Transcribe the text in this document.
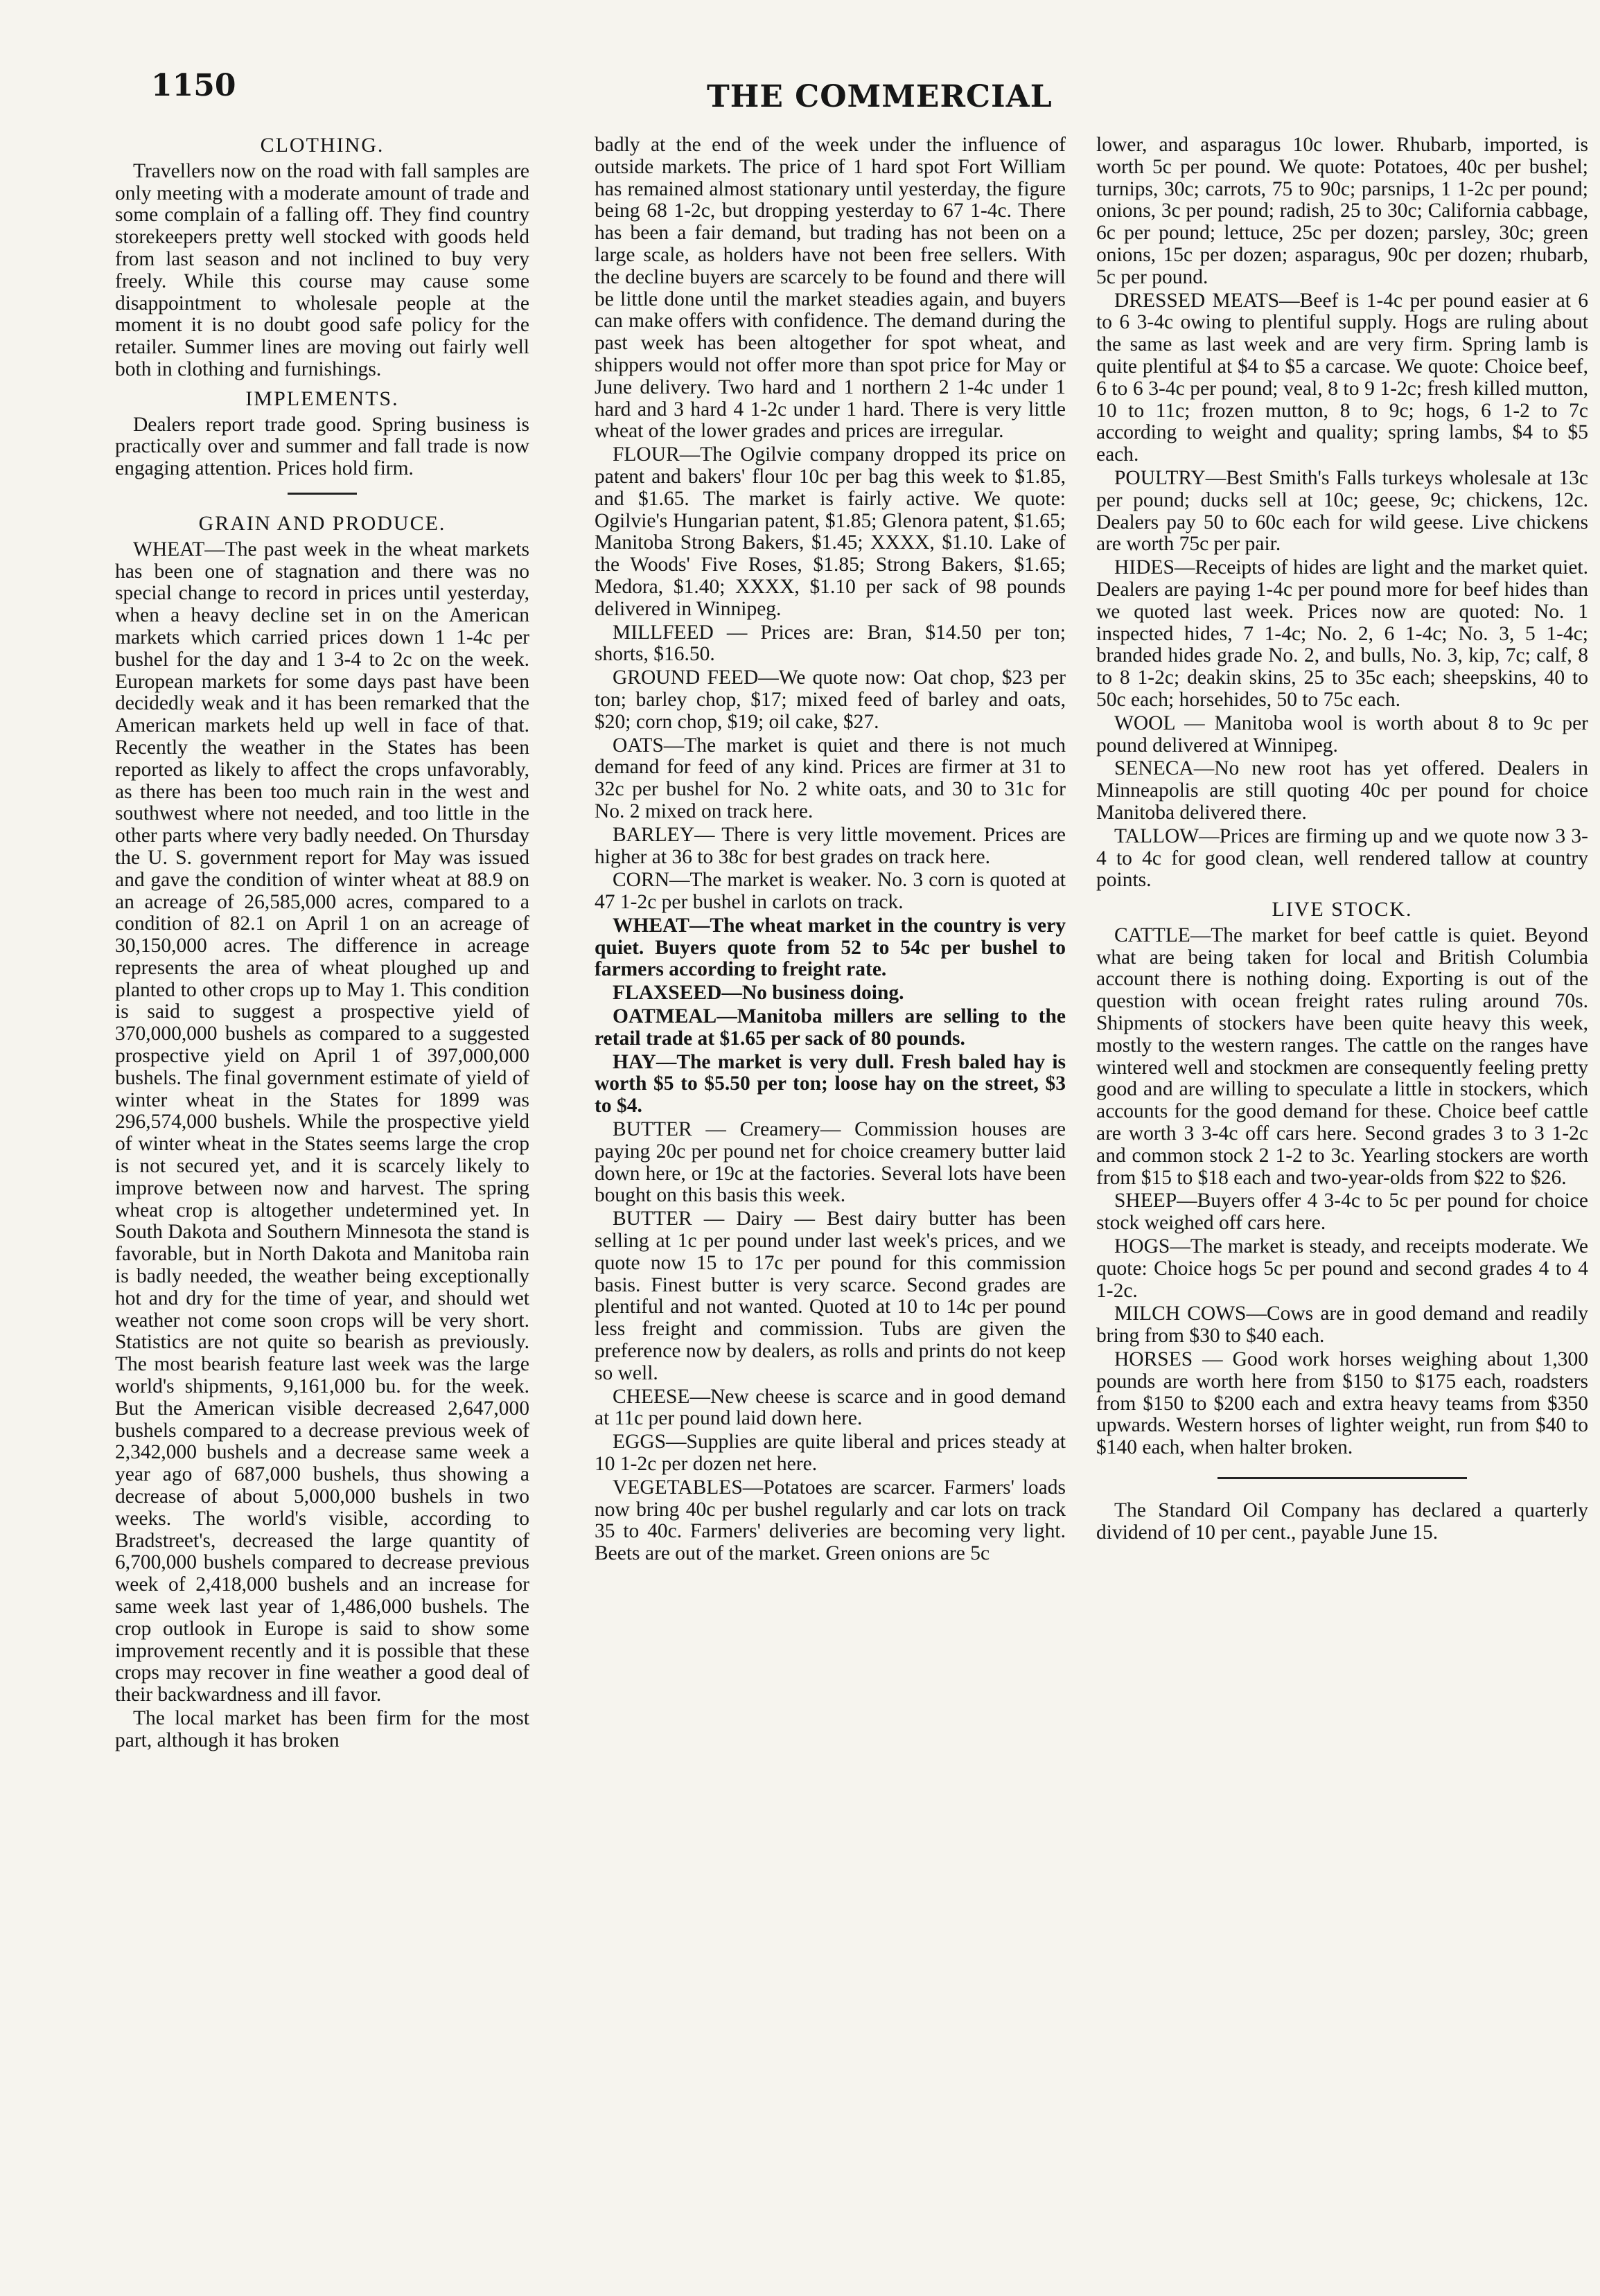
1150	THE COMMERCIAL
CLOTHING.

Travellers now on the road with fall samples are only meeting with a moderate amount of trade and some complain of a falling off. They find country storekeepers pretty well stocked with goods held from last season and not inclined to buy very freely. While this course may cause some disappointment to wholesale people at the moment it is no doubt good safe policy for the retailer. Summer lines are moving out fairly well both in clothing and furnishings.

IMPLEMENTS.

Dealers report trade good. Spring business is practically over and summer and fall trade is now engaging attention. Prices hold firm.

GRAIN AND PRODUCE.

WHEAT—The past week in the wheat markets has been one of stagnation and there was no special change to record in prices until yesterday, when a heavy decline set in on the American markets which carried prices down 1 1-4c per bushel for the day and 1 3-4 to 2c on the week. European markets for some days past have been decidedly weak and it has been remarked that the American markets held up well in face of that. Recently the weather in the States has been reported as likely to affect the crops unfavorably, as there has been too much rain in the west and southwest where not needed, and too little in the other parts where very badly needed. On Thursday the U. S. government report for May was issued and gave the condition of winter wheat at 88.9 on an acreage of 26,585,000 acres, compared to a condition of 82.1 on April 1 on an acreage of 30,150,000 acres. The difference in acreage represents the area of wheat ploughed up and planted to other crops up to May 1. This condition is said to suggest a prospective yield of 370,000,000 bushels as compared to a suggested prospective yield on April 1 of 397,000,000 bushels. The final government estimate of yield of winter wheat in the States for 1899 was 296,574,000 bushels. While the prospective yield of winter wheat in the States seems large the crop is not secured yet, and it is scarcely likely to improve between now and harvest. The spring wheat crop is altogether undetermined yet. In South Dakota and Southern Minnesota the stand is favorable, but in North Dakota and Manitoba rain is badly needed, the weather being exceptionally hot and dry for the time of year, and should wet weather not come soon crops will be very short. Statistics are not quite so bearish as previously. The most bearish feature last week was the large world's shipments, 9,161,000 bu. for the week. But the American visible decreased 2,647,000 bushels compared to a decrease previous week of 2,342,000 bushels and a decrease same week a year ago of 687,000 bushels, thus showing a decrease of about 5,000,000 bushels in two weeks. The world's visible, according to Bradstreet's, decreased the large quantity of 6,700,000 bushels compared to decrease previous week of 2,418,000 bushels and an increase for same week last year of 1,486,000 bushels. The crop outlook in Europe is said to show some improvement recently and it is possible that these crops may recover in fine weather a good deal of their backwardness and ill favor.

The local market has been firm for the most part, although it has broken

badly at the end of the week under the influence of outside markets. The price of 1 hard spot Fort William has remained almost stationary until yesterday, the figure being 68 1-2c, but dropping yesterday to 67 1-4c. There has been a fair demand, but trading has not been on a large scale, as holders have not been free sellers. With the decline buyers are scarcely to be found and there will be little done until the market steadies again, and buyers can make offers with confidence. The demand during the past week has been altogether for spot wheat, and shippers would not offer more than spot price for May or June delivery. Two hard and 1 northern 2 1-4c under 1 hard and 3 hard 4 1-2c under 1 hard. There is very little wheat of the lower grades and prices are irregular.

FLOUR—The Ogilvie company dropped its price on patent and bakers' flour 10c per bag this week to $1.85, and $1.65. The market is fairly active. We quote: Ogilvie's Hungarian patent, $1.85; Glenora patent, $1.65; Manitoba Strong Bakers, $1.45; XXXX, $1.10. Lake of the Woods' Five Roses, $1.85; Strong Bakers, $1.65; Medora, $1.40; XXXX, $1.10 per sack of 98 pounds delivered in Winnipeg.

MILLFEED — Prices are: Bran, $14.50 per ton; shorts, $16.50.

GROUND FEED—We quote now: Oat chop, $23 per ton; barley chop, $17; mixed feed of barley and oats, $20; corn chop, $19; oil cake, $27.

OATS—The market is quiet and there is not much demand for feed of any kind. Prices are firmer at 31 to 32c per bushel for No. 2 white oats, and 30 to 31c for No. 2 mixed on track here.

BARLEY— There is very little movement. Prices are higher at 36 to 38c for best grades on track here.

CORN—The market is weaker. No. 3 corn is quoted at 47 1-2c per bushel in carlots on track.

WHEAT—The wheat market in the country is very quiet. Buyers quote from 52 to 54c per bushel to farmers according to freight rate.

FLAXSEED—No business doing.

OATMEAL—Manitoba millers are selling to the retail trade at $1.65 per sack of 80 pounds.

HAY—The market is very dull. Fresh baled hay is worth $5 to $5.50 per ton; loose hay on the street, $3 to $4.

BUTTER — Creamery— Commission houses are paying 20c per pound net for choice creamery butter laid down here, or 19c at the factories. Several lots have been bought on this basis this week.

BUTTER — Dairy — Best dairy butter has been selling at 1c per pound under last week's prices, and we quote now 15 to 17c per pound for this commission basis. Finest butter is very scarce. Second grades are plentiful and not wanted. Quoted at 10 to 14c per pound less freight and commission. Tubs are given the preference now by dealers, as rolls and prints do not keep so well.

CHEESE—New cheese is scarce and in good demand at 11c per pound laid down here.

EGGS—Supplies are quite liberal and prices steady at 10 1-2c per dozen net here.

VEGETABLES—Potatoes are scarcer. Farmers' loads now bring 40c per bushel regularly and car lots on track 35 to 40c. Farmers' deliveries are becoming very light. Beets are out of the market. Green onions are 5c

lower, and asparagus 10c lower. Rhubarb, imported, is worth 5c per pound. We quote: Potatoes, 40c per bushel; turnips, 30c; carrots, 75 to 90c; parsnips, 1 1-2c per pound; onions, 3c per pound; radish, 25 to 30c; California cabbage, 6c per pound; lettuce, 25c per dozen; parsley, 30c; green onions, 15c per dozen; asparagus, 90c per dozen; rhubarb, 5c per pound.

DRESSED MEATS—Beef is 1-4c per pound easier at 6 to 6 3-4c owing to plentiful supply. Hogs are ruling about the same as last week and are very firm. Spring lamb is quite plentiful at $4 to $5 a carcase. We quote: Choice beef, 6 to 6 3-4c per pound; veal, 8 to 9 1-2c; fresh killed mutton, 10 to 11c; frozen mutton, 8 to 9c; hogs, 6 1-2 to 7c according to weight and quality; spring lambs, $4 to $5 each.

POULTRY—Best Smith's Falls turkeys wholesale at 13c per pound; ducks sell at 10c; geese, 9c; chickens, 12c. Dealers pay 50 to 60c each for wild geese. Live chickens are worth 75c per pair.

HIDES—Receipts of hides are light and the market quiet. Dealers are paying 1-4c per pound more for beef hides than we quoted last week. Prices now are quoted: No. 1 inspected hides, 7 1-4c; No. 2, 6 1-4c; No. 3, 5 1-4c; branded hides grade No. 2, and bulls, No. 3, kip, 7c; calf, 8 to 8 1-2c; deakin skins, 25 to 35c each; sheepskins, 40 to 50c each; horsehides, 50 to 75c each.

WOOL — Manitoba wool is worth about 8 to 9c per pound delivered at Winnipeg.

SENECA—No new root has yet offered. Dealers in Minneapolis are still quoting 40c per pound for choice Manitoba delivered there.

TALLOW—Prices are firming up and we quote now 3 3-4 to 4c for good clean, well rendered tallow at country points.

LIVE STOCK.

CATTLE—The market for beef cattle is quiet. Beyond what are being taken for local and British Columbia account there is nothing doing. Exporting is out of the question with ocean freight rates ruling around 70s. Shipments of stockers have been quite heavy this week, mostly to the western ranges. The cattle on the ranges have wintered well and stockmen are consequently feeling pretty good and are willing to speculate a little in stockers, which accounts for the good demand for these. Choice beef cattle are worth 3 3-4c off cars here. Second grades 3 to 3 1-2c and common stock 2 1-2 to 3c. Yearling stockers are worth from $15 to $18 each and two-year-olds from $22 to $26.

SHEEP—Buyers offer 4 3-4c to 5c per pound for choice stock weighed off cars here.

HOGS—The market is steady, and receipts moderate. We quote: Choice hogs 5c per pound and second grades 4 to 4 1-2c.

MILCH COWS—Cows are in good demand and readily bring from $30 to $40 each.

HORSES — Good work horses weighing about 1,300 pounds are worth here from $150 to $175 each, roadsters from $150 to $200 each and extra heavy teams from $350 upwards. Western horses of lighter weight, run from $40 to $140 each, when halter broken.

The Standard Oil Company has declared a quarterly dividend of 10 per cent., payable June 15.
